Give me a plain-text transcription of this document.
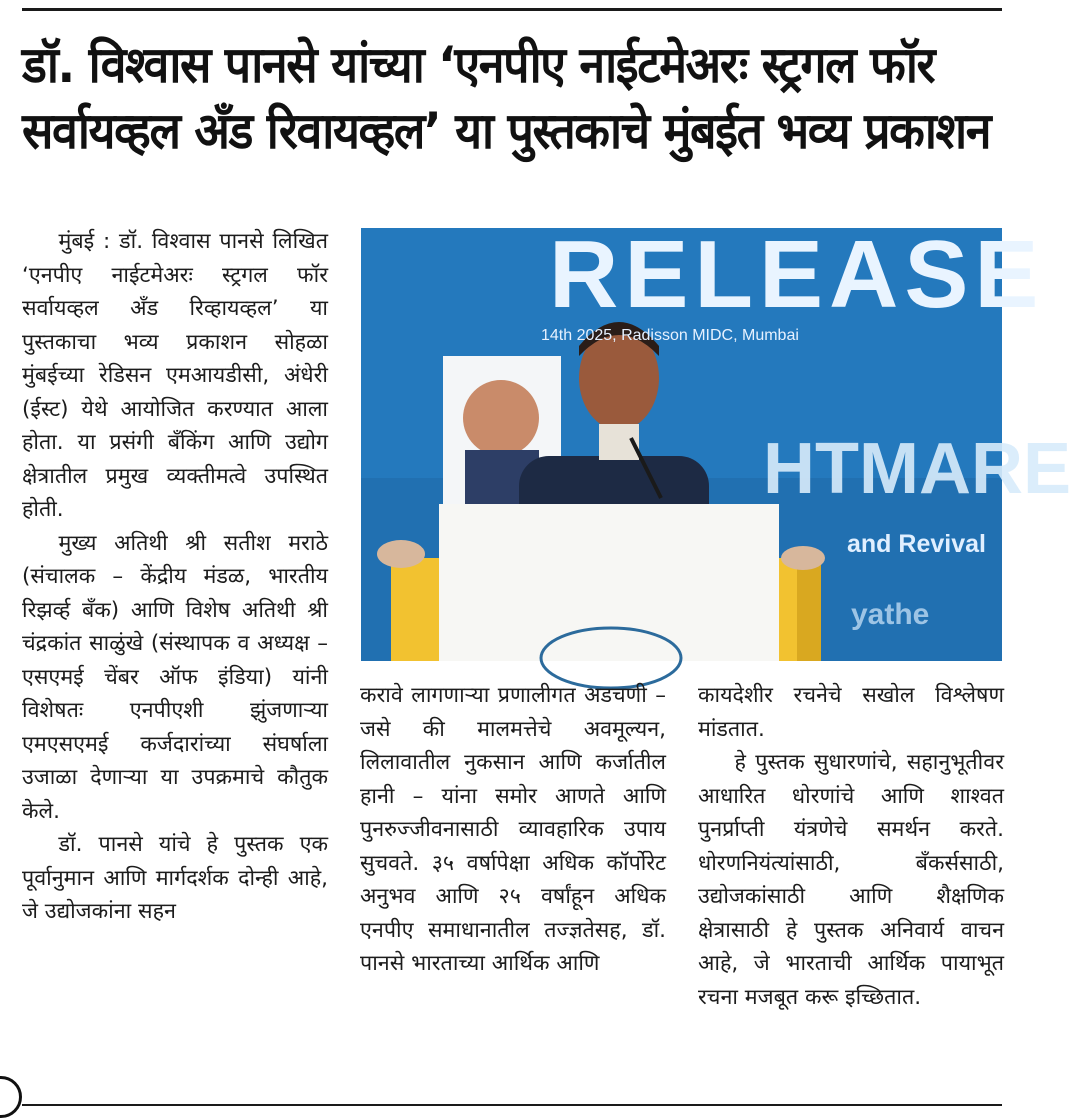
डॉ. विश्वास पानसे यांच्या ‘एनपीए नाईटमेअरः स्ट्रगल फॉर
सर्वायव्हल अँड रिवायव्हल’ या पुस्तकाचे मुंबईत भव्य प्रकाशन

मुंबई : डॉ. विश्वास पानसे लिखित ‘एनपीए नाईटमेअरः स्ट्रगल फॉर सर्वायव्हल अँड रिव्हायव्हल’ या पुस्तकाचा भव्य प्रकाशन सोहळा मुंबईच्या रेडिसन एमआयडीसी, अंधेरी (ईस्ट) येथे आयोजित करण्यात आला होता. या प्रसंगी बँकिंग आणि उद्योग क्षेत्रातील प्रमुख व्यक्तीमत्वे उपस्थित होती.

मुख्य अतिथी श्री सतीश मराठे (संचालक – केंद्रीय मंडळ, भारतीय रिझर्व्ह बँक) आणि विशेष अतिथी श्री चंद्रकांत साळुंखे (संस्थापक व अध्यक्ष – एसएमई चेंबर ऑफ इंडिया) यांनी विशेषतः एनपीएशी झुंजणाऱ्या एमएसएमई कर्जदारांच्या संघर्षाला उजाळा देणाऱ्या या उपक्रमाचे कौतुक केले.

डॉ. पानसे यांचे हे पुस्तक एक पूर्वानुमान आणि मार्गदर्शक दोन्ही आहे, जे उद्योजकांना सहन

RELEASE
14th 2025, Radisson MIDC, Mumbai
HTMARE
and Revival
yathe

करावे लागणाऱ्या प्रणालीगत अडचणी – जसे की मालमत्तेचे अवमूल्यन, लिलावातील नुकसान आणि कर्जातील हानी – यांना समोर आणते आणि पुनरुज्जीवनासाठी व्यावहारिक उपाय सुचवते. ३५ वर्षापेक्षा अधिक कॉर्पोरेट अनुभव आणि २५ वर्षांहून अधिक एनपीए समाधानातील तज्ज्ञतेसह, डॉ. पानसे भारताच्या आर्थिक आणि

कायदेशीर रचनेचे सखोल विश्लेषण मांडतात.

हे पुस्तक सुधारणांचे, सहानुभूतीवर आधारित धोरणांचे आणि शाश्वत पुनर्प्राप्ती यंत्रणेचे समर्थन करते. धोरणनियंत्यांसाठी, बँकर्ससाठी, उद्योजकांसाठी आणि शैक्षणिक क्षेत्रासाठी हे पुस्तक अनिवार्य वाचन आहे, जे भारताची आर्थिक पायाभूत रचना मजबूत करू इच्छितात.
